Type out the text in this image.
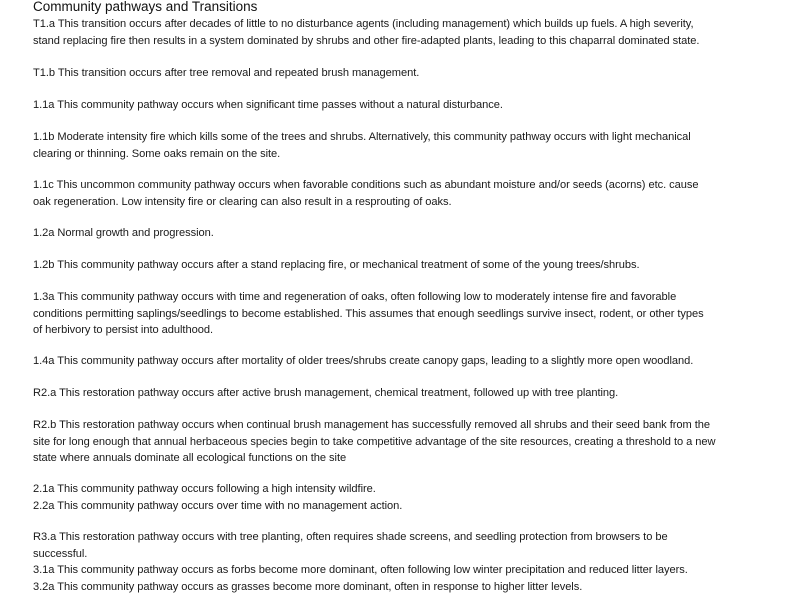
Community pathways and Transitions
T1.a This transition occurs after decades of little to no disturbance agents (including management) which builds up fuels. A high severity,
stand replacing fire then results in a system dominated by shrubs and other fire-adapted plants, leading to this chaparral dominated state.
T1.b This transition occurs after tree removal and repeated brush management.
1.1a This community pathway occurs when significant time passes without a natural disturbance.
1.1b Moderate intensity fire which kills some of the trees and shrubs. Alternatively, this community pathway occurs with light mechanical
clearing or thinning. Some oaks remain on the site.
1.1c This uncommon community pathway occurs when favorable conditions such as abundant moisture and/or seeds (acorns) etc. cause
oak regeneration. Low intensity fire or clearing can also result in a resprouting of oaks.
1.2a Normal growth and progression.
1.2b This community pathway occurs after a stand replacing fire, or mechanical treatment of some of the young trees/shrubs.
1.3a This community pathway occurs with time and regeneration of oaks, often following low to moderately intense fire and favorable
conditions permitting saplings/seedlings to become established. This assumes that enough seedlings survive insect, rodent, or other types
of herbivory to persist into adulthood.
1.4a This community pathway occurs after mortality of older trees/shrubs create canopy gaps, leading to a slightly more open woodland.
R2.a This restoration pathway occurs after active brush management, chemical treatment, followed up with tree planting.
R2.b This restoration pathway occurs when continual brush management has successfully removed all shrubs and their seed bank from the
site for long enough that annual herbaceous species begin to take competitive advantage of the site resources, creating a threshold to a new
state where annuals dominate all ecological functions on the site
2.1a This community pathway occurs following a high intensity wildfire.
2.2a This community pathway occurs over time with no management action.
R3.a This restoration pathway occurs with tree planting, often requires shade screens, and seedling protection from browsers to be
successful.
3.1a This community pathway occurs as forbs become more dominant, often following low winter precipitation and reduced litter layers.
3.2a This community pathway occurs as grasses become more dominant, often in response to higher litter levels.
